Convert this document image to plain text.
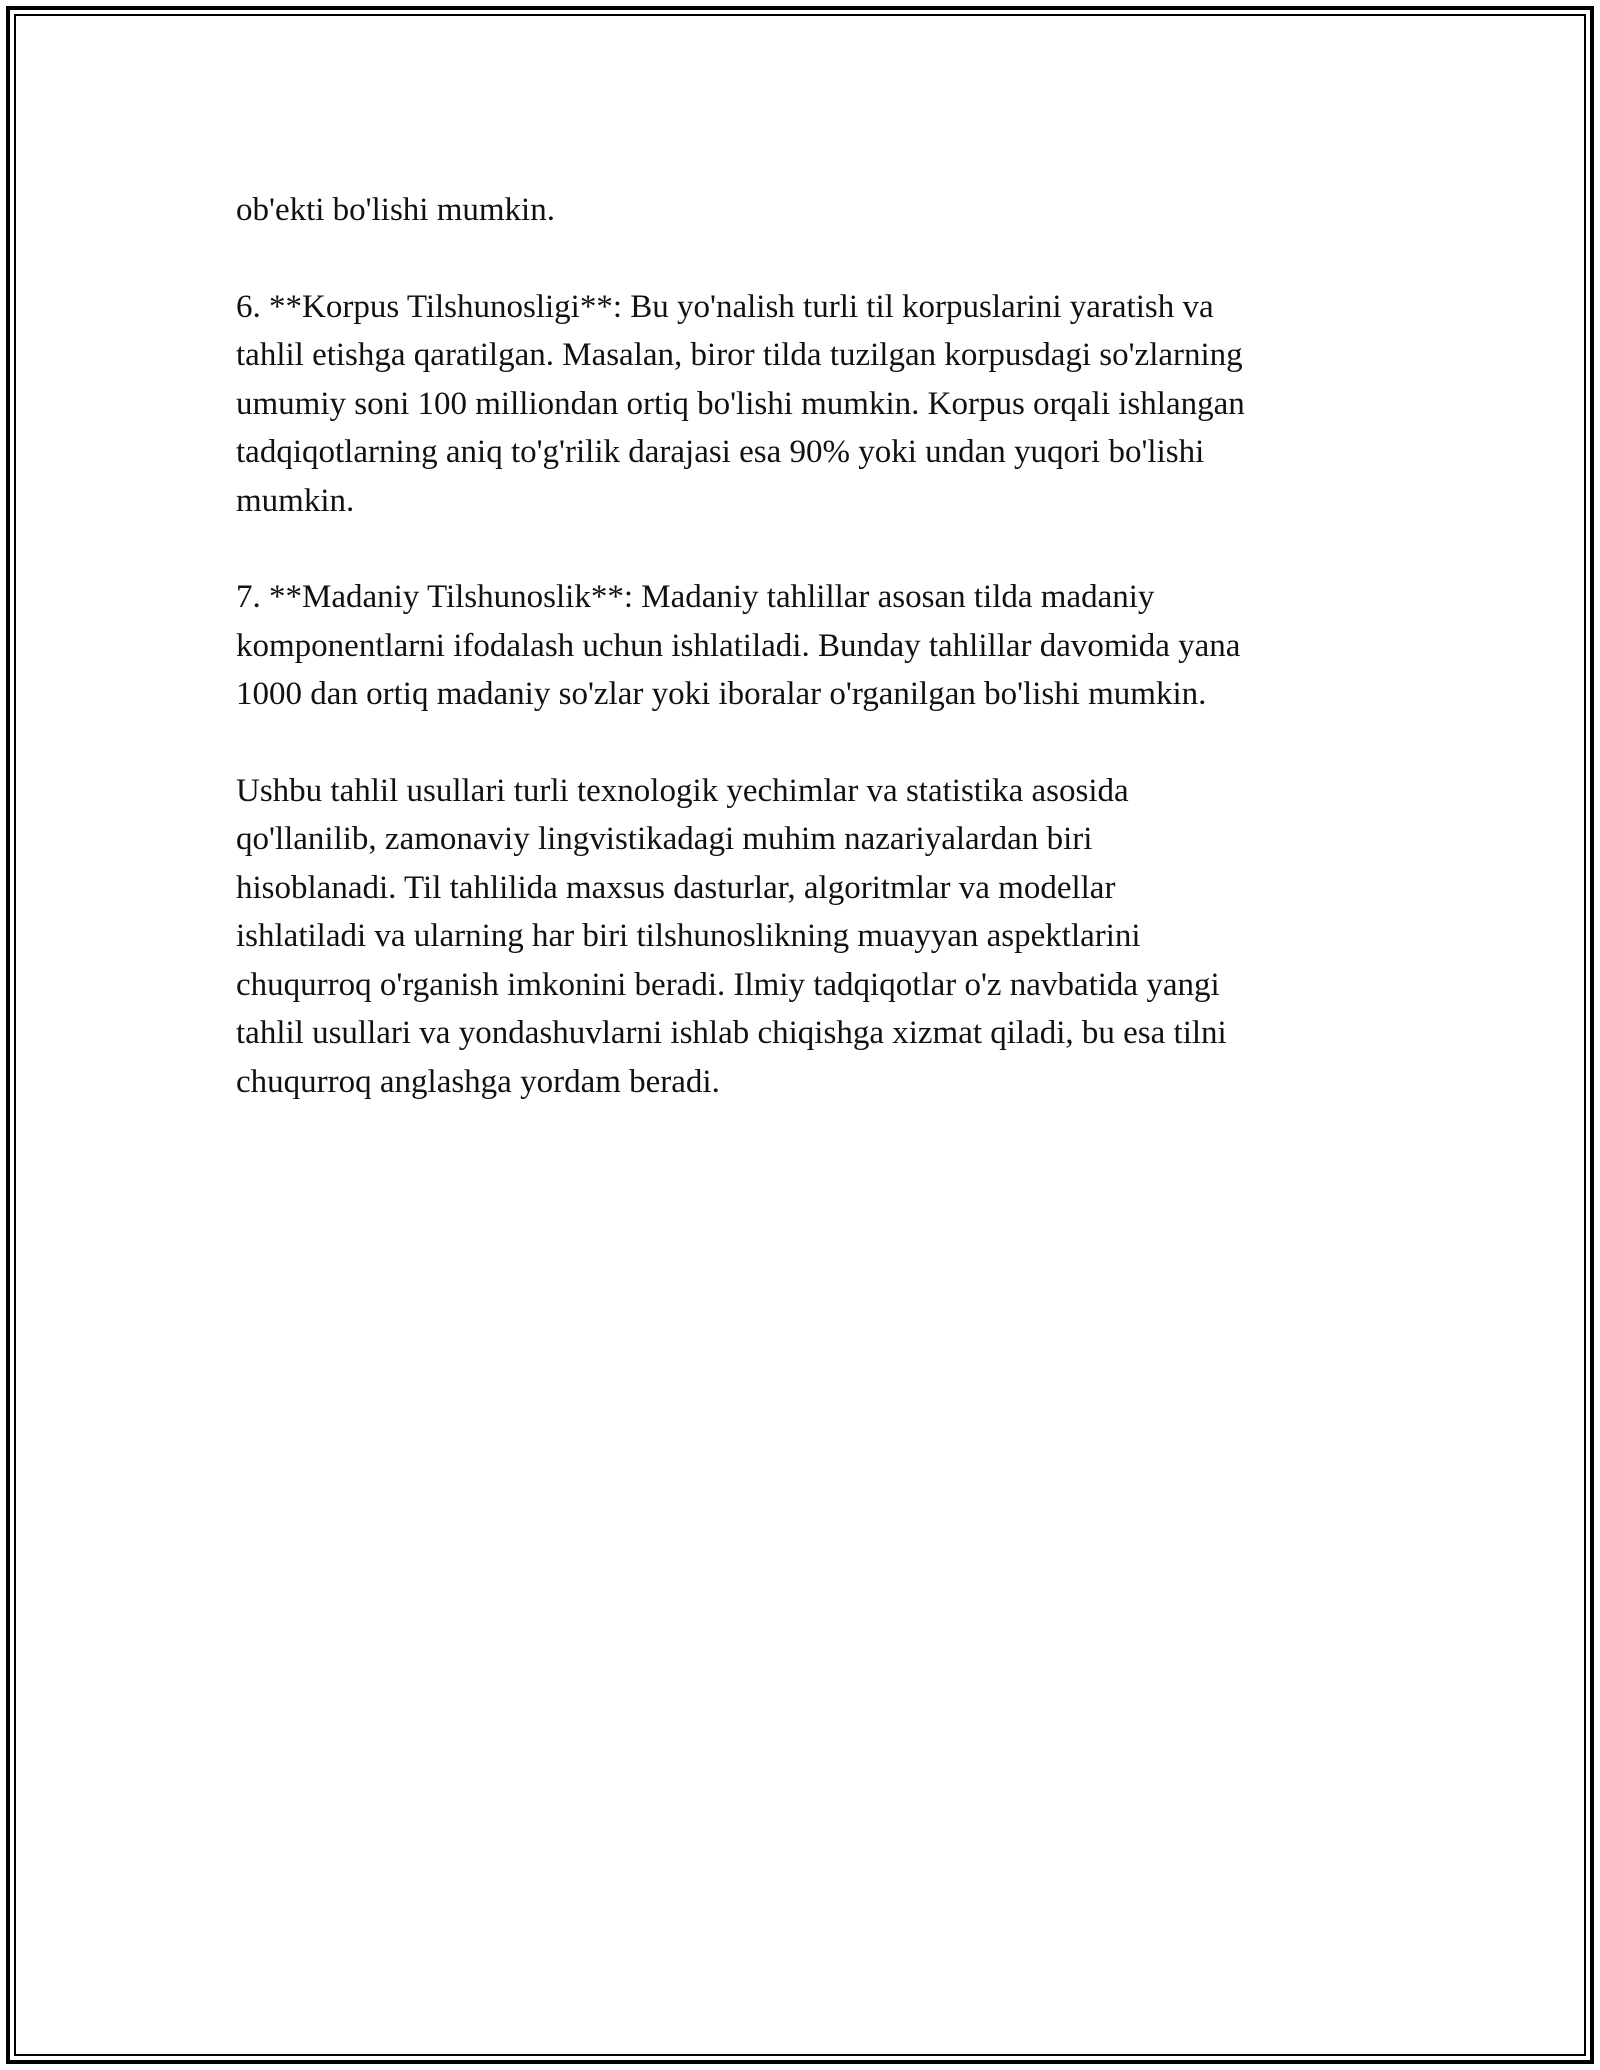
ob'ekti bo'lishi mumkin.

6. **Korpus Tilshunosligi**: Bu yo'nalish turli til korpuslarini yaratish va
tahlil etishga qaratilgan. Masalan, biror tilda tuzilgan korpusdagi so'zlarning
umumiy soni 100 milliondan ortiq bo'lishi mumkin. Korpus orqali ishlangan
tadqiqotlarning aniq to'g'rilik darajasi esa 90% yoki undan yuqori bo'lishi
mumkin.

7. **Madaniy Tilshunoslik**: Madaniy tahlillar asosan tilda madaniy
komponentlarni ifodalash uchun ishlatiladi. Bunday tahlillar davomida yana
1000 dan ortiq madaniy so'zlar yoki iboralar o'rganilgan bo'lishi mumkin.

Ushbu tahlil usullari turli texnologik yechimlar va statistika asosida
qo'llanilib, zamonaviy lingvistikadagi muhim nazariyalardan biri
hisoblanadi. Til tahlilida maxsus dasturlar, algoritmlar va modellar
ishlatiladi va ularning har biri tilshunoslikning muayyan aspektlarini
chuqurroq o'rganish imkonini beradi. Ilmiy tadqiqotlar o'z navbatida yangi
tahlil usullari va yondashuvlarni ishlab chiqishga xizmat qiladi, bu esa tilni
chuqurroq anglashga yordam beradi.
